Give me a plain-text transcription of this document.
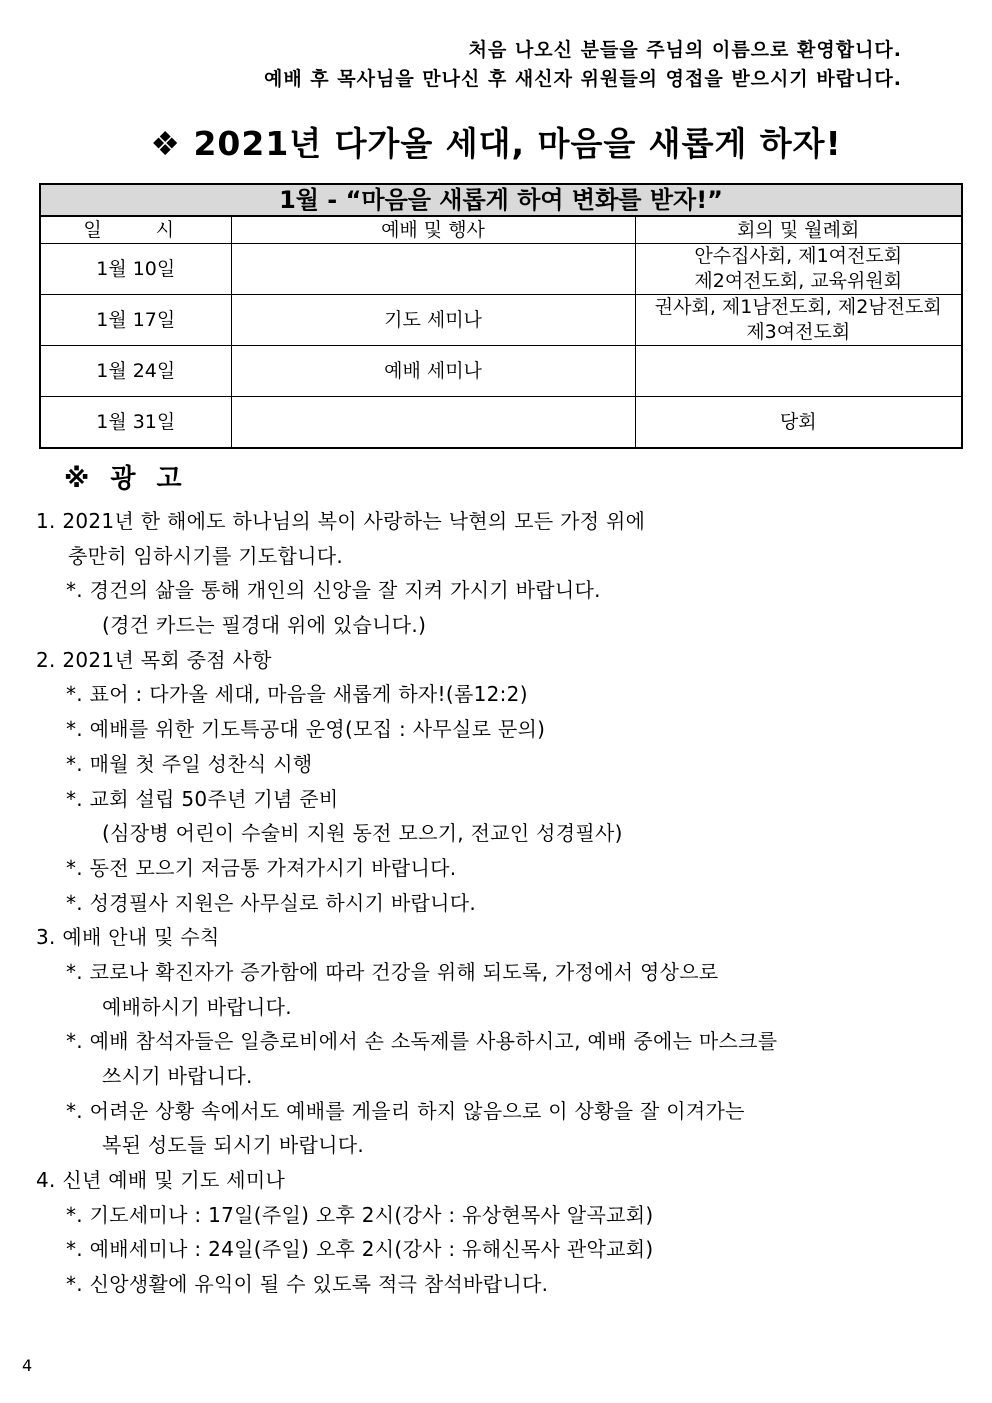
처음 나오신 분들을 주님의 이름으로 환영합니다.
예배 후 목사님을 만나신 후 새신자 위원들의 영접을 받으시기 바랍니다.
❖ 2021년 다가올 세대, 마음을 새롭게 하자!
1월 - “마음을 새롭게 하여 변화를 받자!”		
일  시	예배 및 행사	회의 및 월례회
1월 10일		안수집사회, 제1여전도회
제2여전도회, 교육위원회

1월 17일	기도 세미나	권사회, 제1남전도회, 제2남전도회
제3여전도회

1월 24일	예배 세미나	

1월 31일		당회
※ 광 고
1. 2021년 한 해에도 하나님의 복이 사랑하는 낙현의 모든 가정 위에
충만히 임하시기를 기도합니다.
*. 경건의 삶을 통해 개인의 신앙을 잘 지켜 가시기 바랍니다.
(경건 카드는 필경대 위에 있습니다.)
2. 2021년 목회 중점 사항
*. 표어 : 다가올 세대, 마음을 새롭게 하자!(롬12:2)
*. 예배를 위한 기도특공대 운영(모집 : 사무실로 문의)
*. 매월 첫 주일 성찬식 시행
*. 교회 설립 50주년 기념 준비
(심장병 어린이 수술비 지원 동전 모으기, 전교인 성경필사)
*. 동전 모으기 저금통 가져가시기 바랍니다.
*. 성경필사 지원은 사무실로 하시기 바랍니다.
3. 예배 안내 및 수칙
*. 코로나 확진자가 증가함에 따라 건강을 위해 되도록, 가정에서 영상으로
예배하시기 바랍니다.
*. 예배 참석자들은 일층로비에서 손 소독제를 사용하시고, 예배 중에는 마스크를
쓰시기 바랍니다.
*. 어려운 상황 속에서도 예배를 게을리 하지 않음으로 이 상황을 잘 이겨가는
복된 성도들 되시기 바랍니다.
4. 신년 예배 및 기도 세미나
*. 기도세미나 : 17일(주일) 오후 2시(강사 : 유상현목사 알곡교회)
*. 예배세미나 : 24일(주일) 오후 2시(강사 : 유해신목사 관악교회)
*. 신앙생활에 유익이 될 수 있도록 적극 참석바랍니다.
4
